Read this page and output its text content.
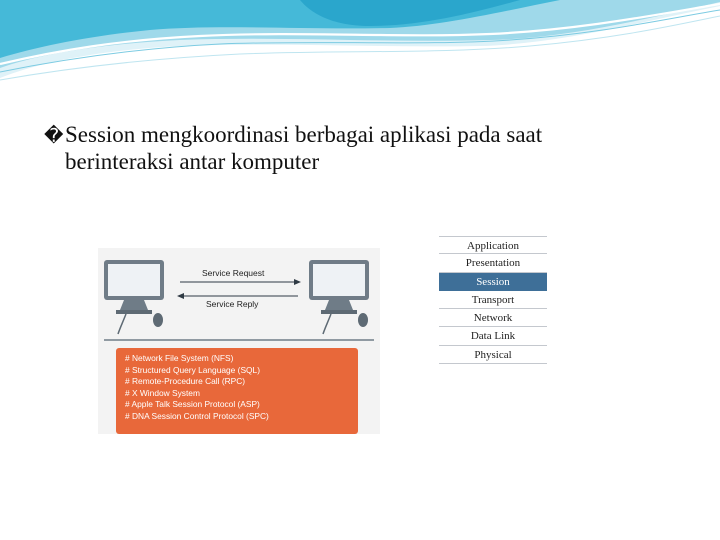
�Session mengkoordinasi berbagai aplikasi pada saat
berinteraksi antar komputer
Service Request
Service Reply
# Network File System (NFS)
# Structured Query Language (SQL)
# Remote-Procedure Call (RPC)
# X Window System
# Apple Talk Session Protocol (ASP)
# DNA Session Control Protocol (SPC)
Application
Presentation
Session
Transport
Network
Data Link
Physical
